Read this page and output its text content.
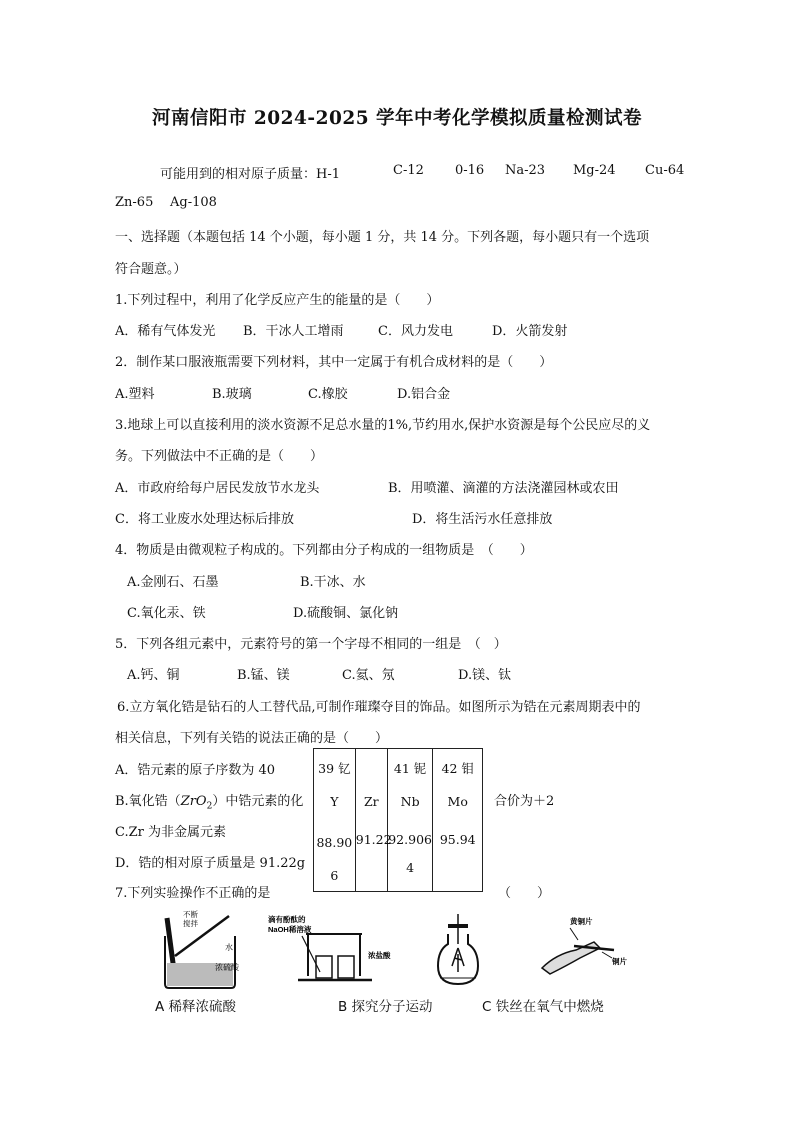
河南信阳市 2024-2025 学年中考化学模拟质量检测试卷
可能用到的相对原子质量：H-1	C-12 0-16 Na-23 Mg-24 Cu-64
Zn-65 Ag-108
一、选择题（本题包括 14 个小题，每小题 1 分，共 14 分。下列各题，每小题只有一个选项
符合题意。）
1.下列过程中，利用了化学反应产生的能量的是（　　）
A．稀有气体发光 B．干冰人工增雨	C．风力发电	D．火箭发射
2．制作某口服液瓶需要下列材料，其中一定属于有机合成材料的是（　　）
A.塑料	B.玻璃	C.橡胶	D.铝合金
3.地球上可以直接利用的淡水资源不足总水量的1%,节约用水,保护水资源是每个公民应尽的义
务。下列做法中不正确的是（　　）
A．市政府给每户居民发放节水龙头	B．用喷灌、滴灌的方法浇灌园林或农田
C．将工业废水处理达标后排放	D．将生活污水任意排放
4．物质是由微观粒子构成的。下列都由分子构成的一组物质是　（　　）
A.金刚石、石墨	B.干冰、水
C.氧化汞、铁	D.硫酸铜、氯化钠
5．下列各组元素中，元素符号的第一个字母不相同的一组是　（　）
A.钙、铜	B.锰、镁	C.氦、氖	D.镁、钛
6.立方氧化锆是钻石的人工替代品,可制作璀璨夺目的饰品。如图所示为锆在元素周期表中的
相关信息，下列有关锆的说法正确的是（　　）
A．锆元素的原子序数为 40
B.氧化锆（ZrO$_2$）中锆元素的化	合价为＋2
C.Zr 为非金属元素
D．锆的相对原子质量是 91.22g
39 钇
Y
88.90
6

Zr
91.22

41 铌
Nb
92.906
4

42 钼
Mo
95.94
7.下列实验操作不正确的是	（　　）
不断
搅拌
水
浓硫酸
滴有酚酞的
NaOH稀溶液
浓盐酸
黄铜片
铜片
A 稀释浓硫酸	B 探究分子运动	C 铁丝在氧气中燃烧
